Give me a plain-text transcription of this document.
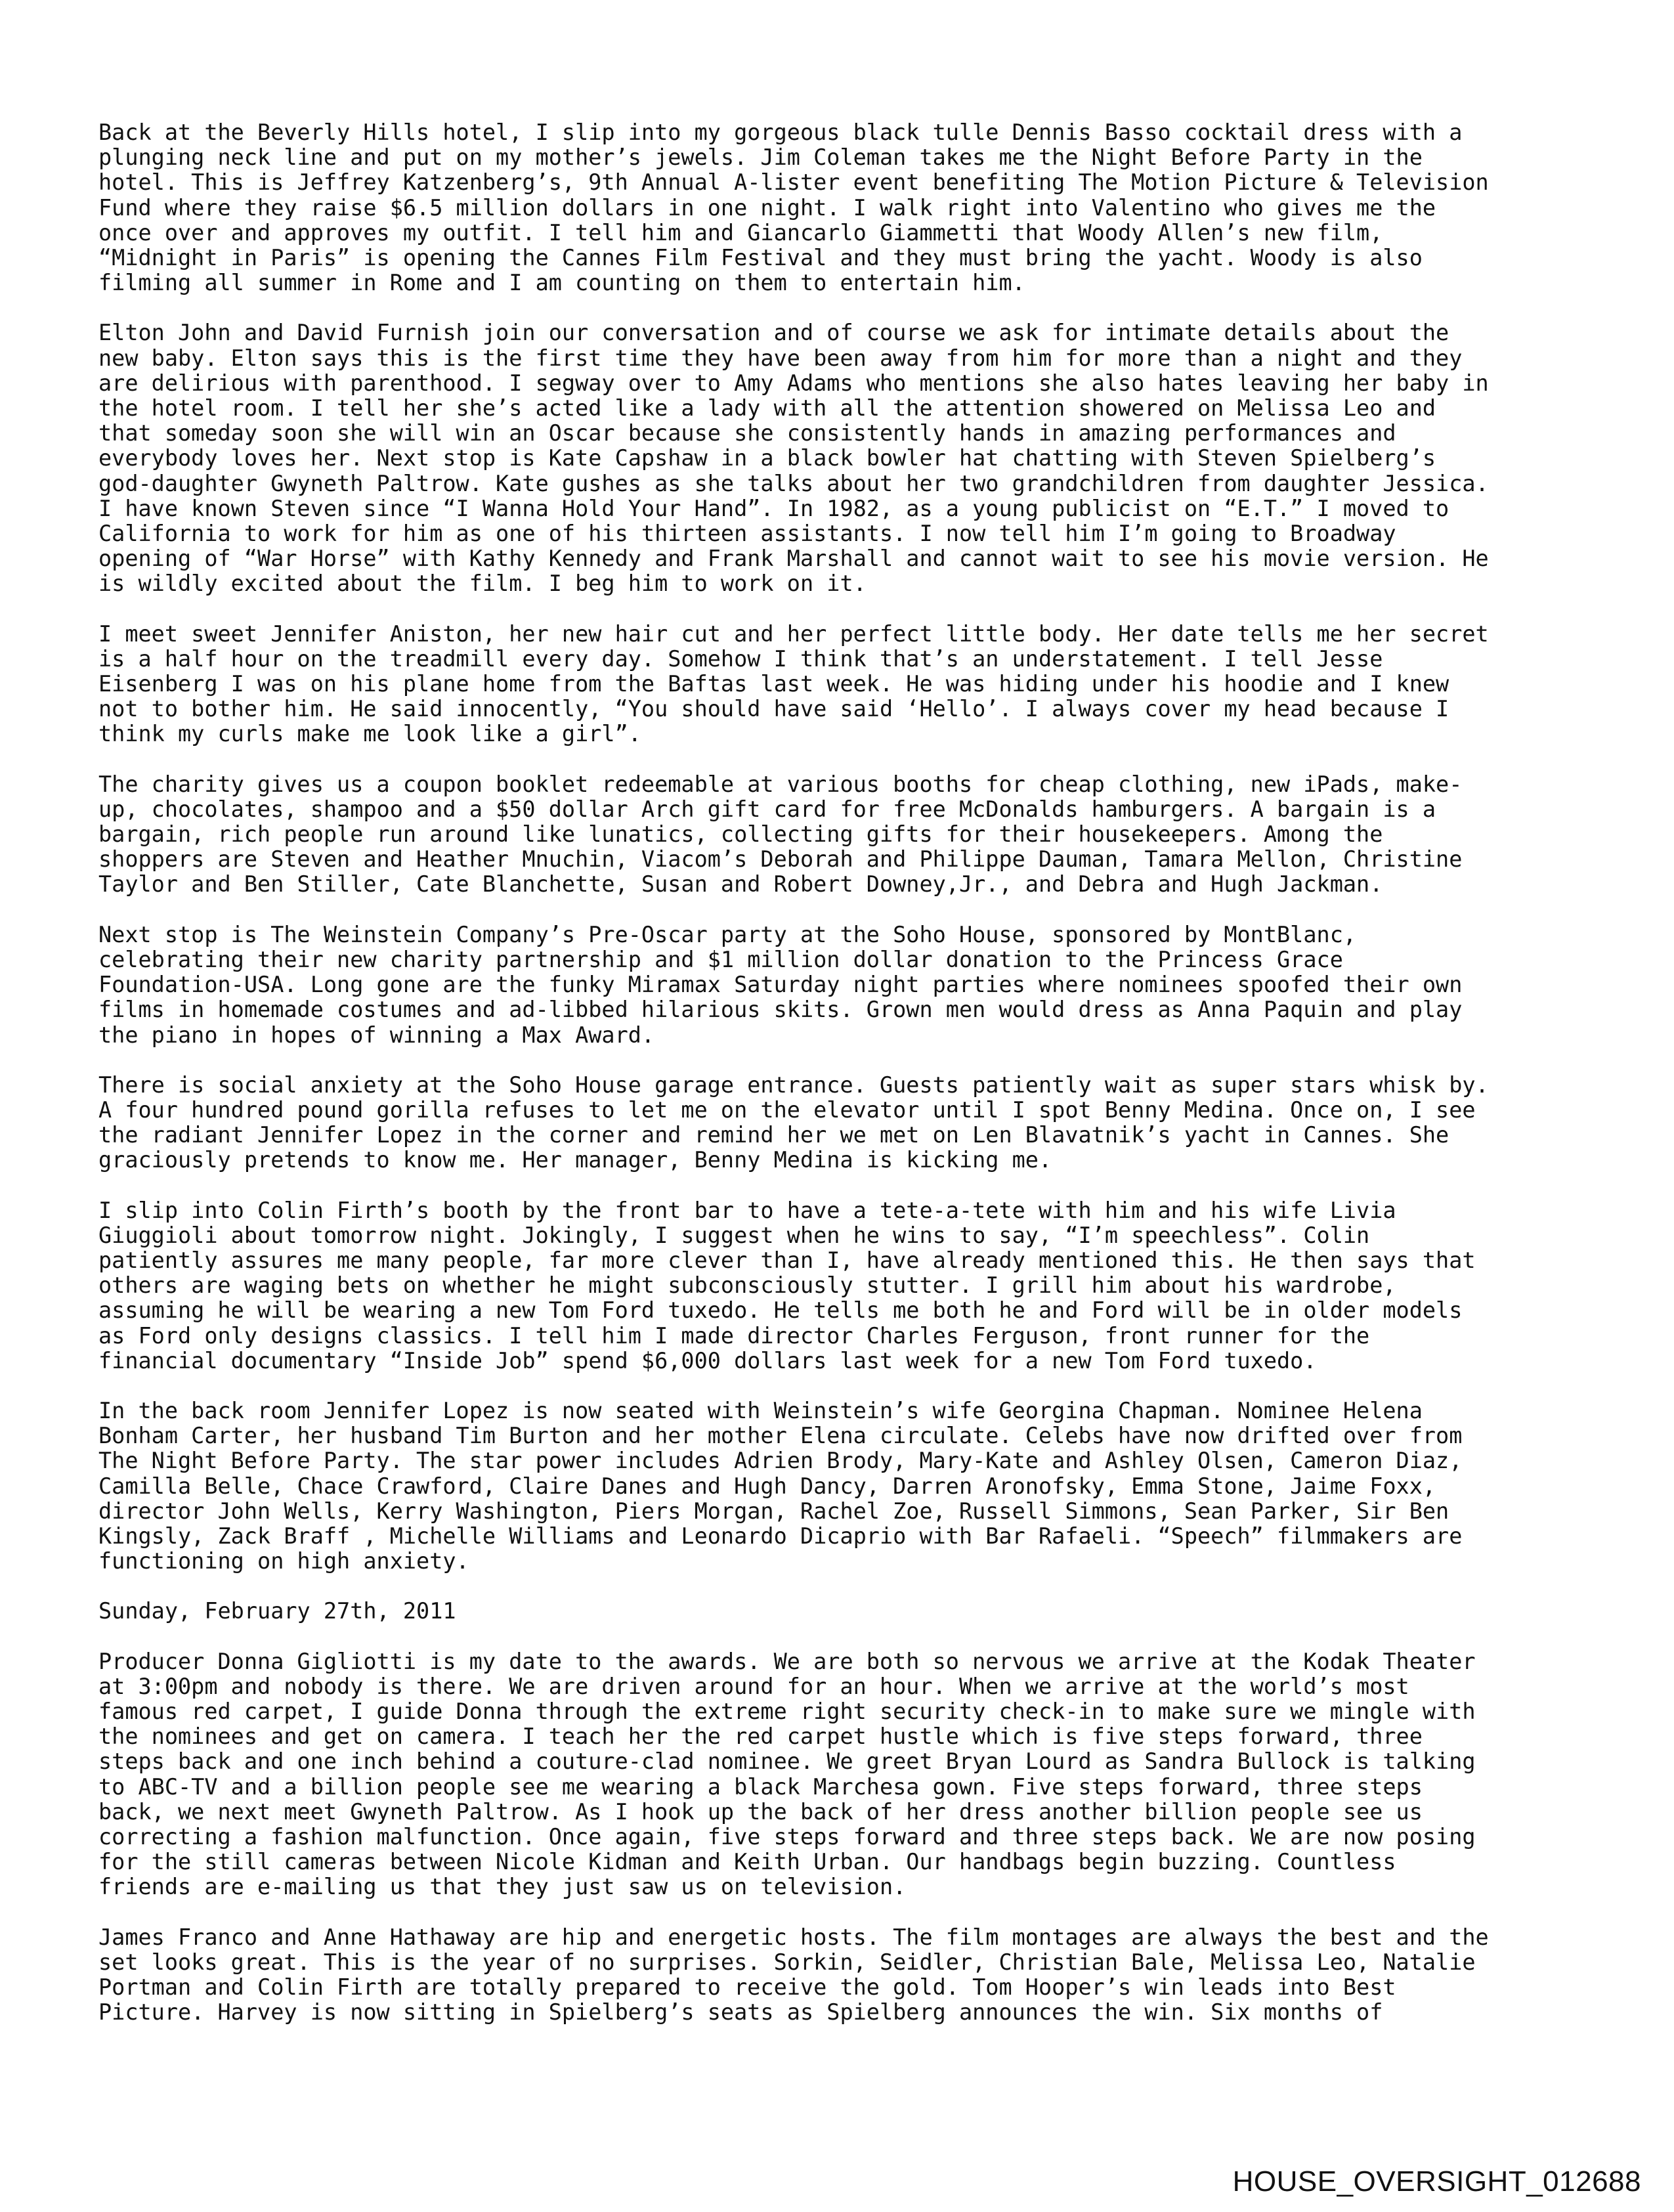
Back at the Beverly Hills hotel, I slip into my gorgeous black tulle Dennis Basso cocktail dress with a
plunging neck line and put on my mother’s jewels. Jim Coleman takes me the Night Before Party in the
hotel. This is Jeffrey Katzenberg’s, 9th Annual A-lister event benefiting The Motion Picture & Television
Fund where they raise $6.5 million dollars in one night. I walk right into Valentino who gives me the
once over and approves my outfit. I tell him and Giancarlo Giammetti that Woody Allen’s new film,
“Midnight in Paris” is opening the Cannes Film Festival and they must bring the yacht. Woody is also
filming all summer in Rome and I am counting on them to entertain him.

Elton John and David Furnish join our conversation and of course we ask for intimate details about the
new baby. Elton says this is the first time they have been away from him for more than a night and they
are delirious with parenthood. I segway over to Amy Adams who mentions she also hates leaving her baby in
the hotel room. I tell her she’s acted like a lady with all the attention showered on Melissa Leo and
that someday soon she will win an Oscar because she consistently hands in amazing performances and
everybody loves her. Next stop is Kate Capshaw in a black bowler hat chatting with Steven Spielberg’s
god-daughter Gwyneth Paltrow. Kate gushes as she talks about her two grandchildren from daughter Jessica.
I have known Steven since “I Wanna Hold Your Hand”. In 1982, as a young publicist on “E.T.” I moved to
California to work for him as one of his thirteen assistants. I now tell him I’m going to Broadway
opening of “War Horse” with Kathy Kennedy and Frank Marshall and cannot wait to see his movie version. He
is wildly excited about the film. I beg him to work on it.

I meet sweet Jennifer Aniston, her new hair cut and her perfect little body. Her date tells me her secret
is a half hour on the treadmill every day. Somehow I think that’s an understatement. I tell Jesse
Eisenberg I was on his plane home from the Baftas last week. He was hiding under his hoodie and I knew
not to bother him. He said innocently, “You should have said ‘Hello’. I always cover my head because I
think my curls make me look like a girl”.

The charity gives us a coupon booklet redeemable at various booths for cheap clothing, new iPads, make-
up, chocolates, shampoo and a $50 dollar Arch gift card for free McDonalds hamburgers. A bargain is a
bargain, rich people run around like lunatics, collecting gifts for their housekeepers. Among the
shoppers are Steven and Heather Mnuchin, Viacom’s Deborah and Philippe Dauman, Tamara Mellon, Christine
Taylor and Ben Stiller, Cate Blanchette, Susan and Robert Downey,Jr., and Debra and Hugh Jackman.

Next stop is The Weinstein Company’s Pre-Oscar party at the Soho House, sponsored by MontBlanc,
celebrating their new charity partnership and $1 million dollar donation to the Princess Grace
Foundation-USA. Long gone are the funky Miramax Saturday night parties where nominees spoofed their own
films in homemade costumes and ad-libbed hilarious skits. Grown men would dress as Anna Paquin and play
the piano in hopes of winning a Max Award.

There is social anxiety at the Soho House garage entrance. Guests patiently wait as super stars whisk by.
A four hundred pound gorilla refuses to let me on the elevator until I spot Benny Medina. Once on, I see
the radiant Jennifer Lopez in the corner and remind her we met on Len Blavatnik’s yacht in Cannes. She
graciously pretends to know me. Her manager, Benny Medina is kicking me.

I slip into Colin Firth’s booth by the front bar to have a tete-a-tete with him and his wife Livia
Giuggioli about tomorrow night. Jokingly, I suggest when he wins to say, “I’m speechless”. Colin
patiently assures me many people, far more clever than I, have already mentioned this. He then says that
others are waging bets on whether he might subconsciously stutter. I grill him about his wardrobe,
assuming he will be wearing a new Tom Ford tuxedo. He tells me both he and Ford will be in older models
as Ford only designs classics. I tell him I made director Charles Ferguson, front runner for the
financial documentary “Inside Job” spend $6,000 dollars last week for a new Tom Ford tuxedo.

In the back room Jennifer Lopez is now seated with Weinstein’s wife Georgina Chapman. Nominee Helena
Bonham Carter, her husband Tim Burton and her mother Elena circulate. Celebs have now drifted over from
The Night Before Party. The star power includes Adrien Brody, Mary-Kate and Ashley Olsen, Cameron Diaz,
Camilla Belle, Chace Crawford, Claire Danes and Hugh Dancy, Darren Aronofsky, Emma Stone, Jaime Foxx,
director John Wells, Kerry Washington, Piers Morgan, Rachel Zoe, Russell Simmons, Sean Parker, Sir Ben
Kingsly, Zack Braff , Michelle Williams and Leonardo Dicaprio with Bar Rafaeli. “Speech” filmmakers are
functioning on high anxiety.

Sunday, February 27th, 2011

Producer Donna Gigliotti is my date to the awards. We are both so nervous we arrive at the Kodak Theater
at 3:00pm and nobody is there. We are driven around for an hour. When we arrive at the world’s most
famous red carpet, I guide Donna through the extreme right security check-in to make sure we mingle with
the nominees and get on camera. I teach her the red carpet hustle which is five steps forward, three
steps back and one inch behind a couture-clad nominee. We greet Bryan Lourd as Sandra Bullock is talking
to ABC-TV and a billion people see me wearing a black Marchesa gown. Five steps forward, three steps
back, we next meet Gwyneth Paltrow. As I hook up the back of her dress another billion people see us
correcting a fashion malfunction. Once again, five steps forward and three steps back. We are now posing
for the still cameras between Nicole Kidman and Keith Urban. Our handbags begin buzzing. Countless
friends are e-mailing us that they just saw us on television.

James Franco and Anne Hathaway are hip and energetic hosts. The film montages are always the best and the
set looks great. This is the year of no surprises. Sorkin, Seidler, Christian Bale, Melissa Leo, Natalie
Portman and Colin Firth are totally prepared to receive the gold. Tom Hooper’s win leads into Best
Picture. Harvey is now sitting in Spielberg’s seats as Spielberg announces the win. Six months of

HOUSE_OVERSIGHT_012688
